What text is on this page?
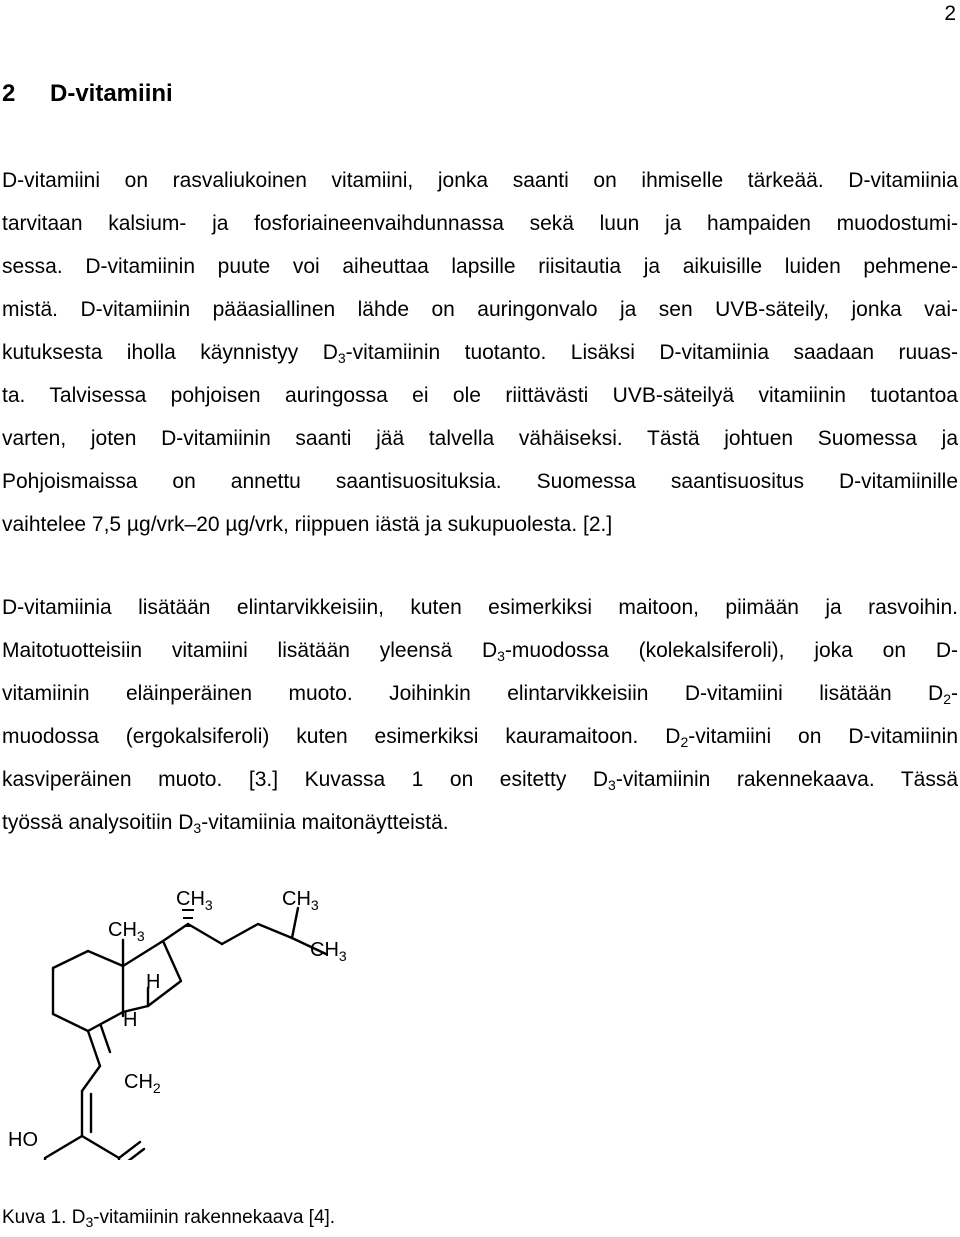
2
2 D-vitamiini
D-vitamiini on rasvaliukoinen vitamiini, jonka saanti on ihmiselle tärkeää. D-vitamiinia
tarvitaan kalsium- ja fosforiaineenvaihdunnassa sekä luun ja hampaiden muodostumi-
sessa. D-vitamiinin puute voi aiheuttaa lapsille riisitautia ja aikuisille luiden pehmene-
mistä. D-vitamiinin pääasiallinen lähde on auringonvalo ja sen UVB-säteily, jonka vai-
kutuksesta iholla käynnistyy $D_3$-vitamiinin tuotanto. Lisäksi D-vitamiinia saadaan ruuas-
ta. Talvisessa pohjoisen auringossa ei ole riittävästi UVB-säteilyä vitamiinin tuotantoa
varten, joten D-vitamiinin saanti jää talvella vähäiseksi. Tästä johtuen Suomessa ja
Pohjoismaissa on annettu saantisuosituksia. Suomessa saantisuositus D-vitamiinille
vaihtelee 7,5 µg/vrk–20 µg/vrk, riippuen iästä ja sukupuolesta. [2.]
D-vitamiinia lisätään elintarvikkeisiin, kuten esimerkiksi maitoon, piimään ja rasvoihin.
Maitotuotteisiin vitamiini lisätään yleensä $D_3$-muodossa (kolekalsiferoli), joka on D-
vitamiinin eläinperäinen muoto. Joihinkin elintarvikkeisiin D-vitamiini lisätään $D_2-$
muodossa (ergokalsiferoli) kuten esimerkiksi kauramaitoon. $D_2$-vitamiini on D-vitamiinin
kasviperäinen muoto. [3.] Kuvassa 1 on esitetty $D_3$-vitamiinin rakennekaava. Tässä
työssä analysoitiin $D_3$-vitamiinia maitonäytteistä.
$CH_3$	$CH_3$
$CH_3$
$CH_3$
H
H
$CH_2$
HO

Kuva 1. $D_3$-vitamiinin rakennekaava [4].
